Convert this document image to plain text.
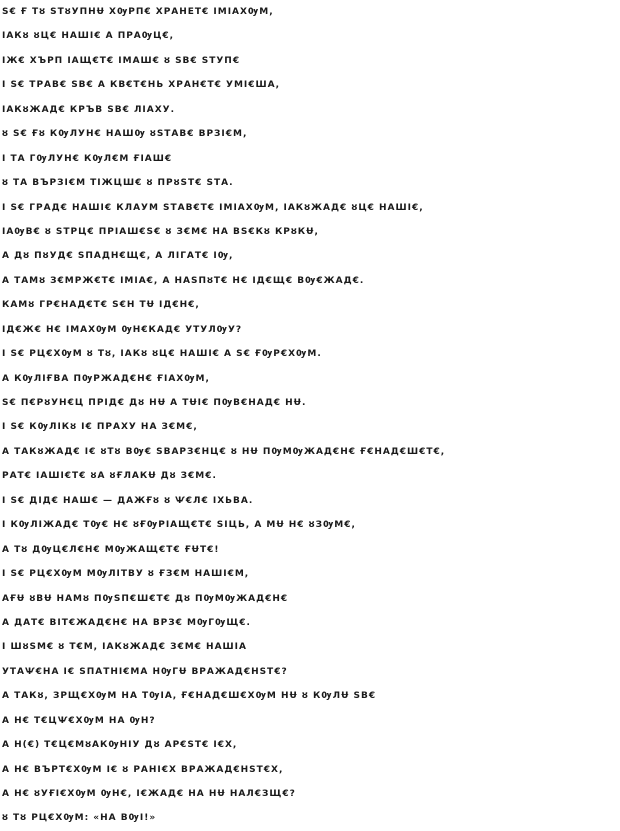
Ѕ€ Ғ Тȣ ЅТȣУПНɄ ХѸРП€ ХРАНЕТ€ ІМІАХѸМ,
ІАКȣ ȣЦ€ НАШІ€ А ПРАѸЦ€,
ІЖ€ ХЪРП ІАЩ€Т€ ІМАШ€ ȣ ЅВ€ ЅТУП€
І Ѕ€ ТРАВ€ ЅВ€ А КВ€Т€НЬ ХРАН€Т€ УМІ€ША,
ІАКȣЖАД€ КРЪВ ЅВ€ ЛІАХУ.
ȣ Ѕ€ Ғȣ КѸЛУН€ НАШѸ ȣЅТАВ€ ВРЗІ€М,
І ТА ГѸЛУН€ КѸЛ€М ҒІАШ€
ȣ ТА ВЪРЗІ€М ТІЖЦШ€ ȣ ПРȣЅТ€ ЅТА.
І Ѕ€ ГРАД€ НАШІ€ КЛАУМ ЅТАВ€Т€ ІМІАХѸМ, ІАКȣЖАД€ ȣЦ€ НАШІ€,
ІАѸВ€ ȣ ЅТРЦ€ ПРІАШ€Ѕ€ ȣ З€М€ НА ВЅ€Кȣ КРȣКɄ,
А Дȣ ПȣУД€ ЅПАДН€Щ€, А ЛІГАТ€ ІѸ,
А ТАМȣ З€МРЖ€Т€ ІМІА€, А НАЅПȣТ€ Н€ ІД€Щ€ ВѸ€ЖАД€.
КАМȣ ГР€НАД€Т€ Ѕ€Н ТɄ ІД€Н€,
ІД€Ж€ Н€ ІМАХѸМ ѸН€КАД€ УТУЛѸУ?
І Ѕ€ РЦ€ХѸМ ȣ Тȣ, ІАКȣ ȣЦ€ НАШІ€ А Ѕ€ ҒѸР€ХѸМ.
А КѸЛІҒВА ПѸРЖАД€Н€ ҒІАХѸМ,
Ѕ€ П€РȣУН€Ц ПРІД€ Дȣ НɄ А ТɄІ€ ПѸВ€НАД€ НɄ.
І Ѕ€ КѸЛІКȣ І€ ПРАХУ НА З€М€,
А ТАКȣЖАД€ І€ ȣТȣ ВѸ€ ЅВАРЗ€НЦ€ ȣ НɄ ПѸМѸЖАД€Н€ Ғ€НАД€Ш€Т€,
РАТ€ ІАШІ€Т€ ȣА ȣҒЛАКɄ Дȣ З€М€.
І Ѕ€ ДІД€ НАШ€ — ДАЖҒȣ ȣ Ѱ€Л€ ІХЬВА.
І КѸЛІЖАД€ ТѸ€ Н€ ȣҒѸРІАЩ€Т€ ЅІЦЬ, А МɄ Н€ ȣЗѸМ€,
А Тȣ ДѸЦ€Л€Н€ МѸЖАЩ€Т€ ҒɄТ€!
І Ѕ€ РЦ€ХѸМ МѸЛІТВУ ȣ ҒЗ€М НАШІ€М,
АҒɄ ȣВɄ НАМȣ ПѸЅП€Ш€Т€ Дȣ ПѸМѸЖАД€Н€
А ДАТ€ ВІТ€ЖАД€Н€ НА ВРЗ€ МѸГѸЩ€.
І ШȣЅМ€ ȣ Т€М, ІАКȣЖАД€ З€М€ НАШІА
УТАѰ€НА І€ ЅПАТНІ€МА НѸГɄ ВРАЖАД€НЅТ€?
А ТАКȣ, ЗРЩ€ХѸМ НА ТѸІА, Ғ€НАД€Ш€ХѸМ НɄ ȣ КѸЛɄ ЅВ€
А Н€ Т€ЦѰ€ХѸМ НА ѸН?
А Н(€) Т€Ц€МȣАКѸНІУ Дȣ АР€ЅТ€ І€Х,
А Н€ ВЪРТ€ХѸМ І€ ȣ РАНІ€Х ВРАЖАД€НЅТ€Х,
А Н€ ȣУҒІ€ХѸМ ѸН€, І€ЖАД€ НА НɄ НАЛ€ЗЩ€?
ȣ Тȣ РЦ€ХѸМ: «НА ВѸІ!»
